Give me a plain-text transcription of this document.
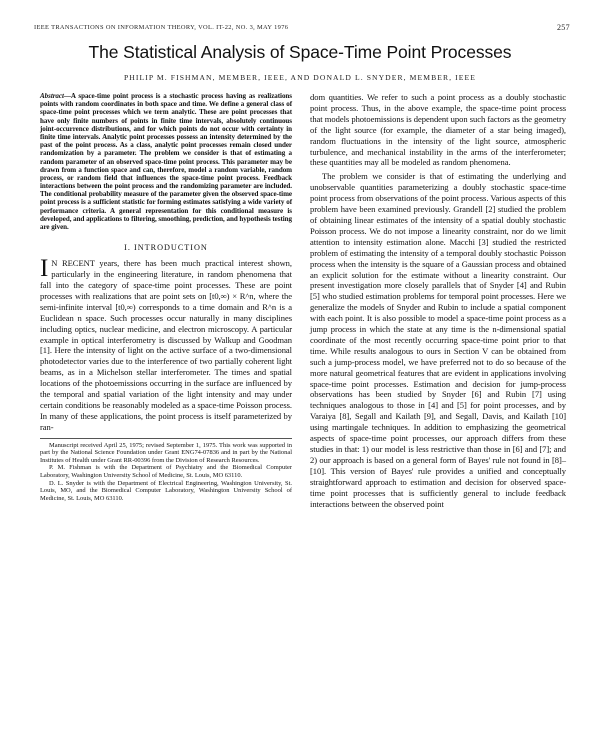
IEEE TRANSACTIONS ON INFORMATION THEORY, VOL. IT-22, NO. 3, MAY 1976	257
The Statistical Analysis of Space-Time Point Processes
PHILIP M. FISHMAN, MEMBER, IEEE, AND DONALD L. SNYDER, MEMBER, IEEE

Abstract—A space-time point process is a stochastic process having as realizations points with random coordinates in both space and time. We define a general class of space-time point processes which we term analytic. These are point processes that have only finite numbers of points in finite time intervals, absolutely continuous joint-occurrence distributions, and for which points do not occur with certainty in finite time intervals. Analytic point processes possess an intensity determined by the past of the point process. As a class, analytic point processes remain closed under randomization by a parameter. The problem we consider is that of estimating a random parameter of an observed space-time point process. This parameter may be drawn from a function space and can, therefore, model a random variable, random process, or random field that influences the space-time point process. Feedback interactions between the point process and the randomizing parameter are included. The conditional probability measure of the parameter given the observed space-time point process is a sufficient statistic for forming estimates satisfying a wide variety of performance criteria. A general representation for this conditional measure is developed, and applications to filtering, smoothing, prediction, and hypothesis testing are given.

I. INTRODUCTION

I N RECENT years, there has been much practical interest shown, particularly in the engineering literature, in random phenomena that fall into the category of space-time point processes. These are point processes with realizations that are point sets on [t0,∞) × R^n, where the semi-infinite interval [t0,∞) corresponds to a time domain and R^n is a Euclidean n space. Such processes occur naturally in many disciplines including optics, nuclear medicine, and electron microscopy. A particular example in optical interferometry is discussed by Walkup and Goodman [1]. Here the intensity of light on the active surface of a two-dimensional photodetector varies due to the interference of two partially coherent light beams, as in a Michelson stellar interferometer. The times and spatial locations of the photoemissions occurring in the surface are influenced by the temporal and spatial variation of the light intensity and may under certain conditions be reasonably modeled as a space-time Poisson process. In many of these applications, the point process is itself parameterized by ran-

Manuscript received April 25, 1975; revised September 1, 1975. This work was supported in part by the National Science Foundation under Grant ENG74-07836 and in part by the National Institutes of Health under Grant RR-00396 from the Division of Research Resources.

P. M. Fishman is with the Department of Psychiatry and the Biomedical Computer Laboratory, Washington University School of Medicine, St. Louis, MO 63110.

D. L. Snyder is with the Department of Electrical Engineering, Washington University, St. Louis, MO, and the Biomedical Computer Laboratory, Washington University School of Medicine, St. Louis, MO 63110.

dom quantities. We refer to such a point process as a doubly stochastic point process. Thus, in the above example, the space-time point process that models photoemissions is dependent upon such factors as the geometry of the light source (for example, the diameter of a star being imaged), random fluctuations in the intensity of the light source, atmospheric turbulence, and mechanical instability in the arms of the interferometer; these quantities may all be modeled as random phenomena.

The problem we consider is that of estimating the underlying and unobservable quantities parameterizing a doubly stochastic space-time point process from observations of the point process. Various aspects of this problem have been examined previously. Grandell [2] studied the problem of obtaining linear estimates of the intensity of a spatial doubly stochastic Poisson process. We do not impose a linearity constraint, nor do we limit attention to intensity estimation alone. Macchi [3] studied the restricted problem of estimating the intensity of a temporal doubly stochastic Poisson process when the intensity is the square of a Gaussian process and obtained an explicit solution for the estimate without a linearity constraint. Our present investigation more closely parallels that of Snyder [4] and Rubin [5] who studied estimation problems for temporal point processes. Here we generalize the models of Snyder and Rubin to include a spatial component with each point. It is also possible to model a space-time point process as a jump process in which the state at any time is the n-dimensional spatial coordinate of the most recently occurring space-time point prior to that time. While results analogous to ours in Section V can be obtained from such a jump-process model, we have preferred not to do so because of the more natural geometrical features that are evident in applications involving space-time point processes. Estimation and decision for jump-process observations has been studied by Snyder [6] and Rubin [7] using techniques analogous to those in [4] and [5] for point processes, and by Varaiya [8], Segall and Kailath [9], and Segall, Davis, and Kailath [10] using martingale techniques. In addition to emphasizing the geometrical aspects of space-time point processes, our approach differs from these studies in that: 1) our model is less restrictive than those in [6] and [7]; and 2) our approach is based on a general form of Bayes' rule not found in [8]–[10]. This version of Bayes' rule provides a unified and conceptually straightforward approach to estimation and decision for observed space-time point processes that is sufficiently general to include feedback interactions between the observed point
